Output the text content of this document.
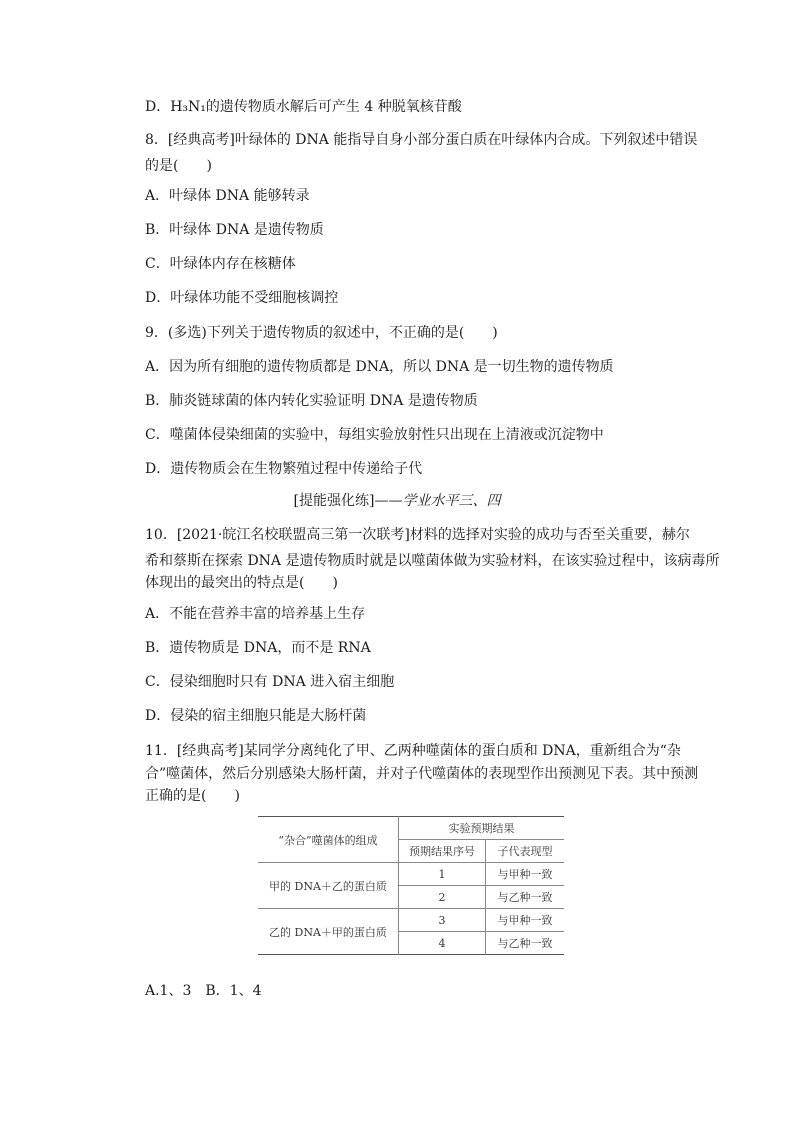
D．H₃N₁的遗传物质水解后可产生 4 种脱氧核苷酸
8．[经典高考]叶绿体的 DNA 能指导自身小部分蛋白质在叶绿体内合成。下列叙述中错误
的是(　　)
A．叶绿体 DNA 能够转录
B．叶绿体 DNA 是遗传物质
C．叶绿体内存在核糖体
D．叶绿体功能不受细胞核调控
9．(多选)下列关于遗传物质的叙述中，不正确的是(　　)
A．因为所有细胞的遗传物质都是 DNA，所以 DNA 是一切生物的遗传物质
B．肺炎链球菌的体内转化实验证明 DNA 是遗传物质
C．噬菌体侵染细菌的实验中，每组实验放射性只出现在上清液或沉淀物中
D．遗传物质会在生物繁殖过程中传递给子代
[提能强化练]——学业水平三、四
10．[2021·皖江名校联盟高三第一次联考]材料的选择对实验的成功与否至关重要，赫尔
希和蔡斯在探索 DNA 是遗传物质时就是以噬菌体做为实验材料，在该实验过程中，该病毒所
体现出的最突出的特点是(　　)
A．不能在营养丰富的培养基上生存
B．遗传物质是 DNA，而不是 RNA
C．侵染细胞时只有 DNA 进入宿主细胞
D．侵染的宿主细胞只能是大肠杆菌
11．[经典高考]某同学分离纯化了甲、乙两种噬菌体的蛋白质和 DNA，重新组合为“杂
合”噬菌体，然后分别感染大肠杆菌，并对子代噬菌体的表现型作出预测见下表。其中预测
正确的是(　　)
“杂合”噬菌体的组成	实验预期结果	
	预期结果序号	子代表现型
甲的 DNA＋乙的蛋白质	1	与甲种一致
	2	与乙种一致
乙的 DNA＋甲的蛋白质	3	与甲种一致
	4	与乙种一致
A.1、3　B．1、4
